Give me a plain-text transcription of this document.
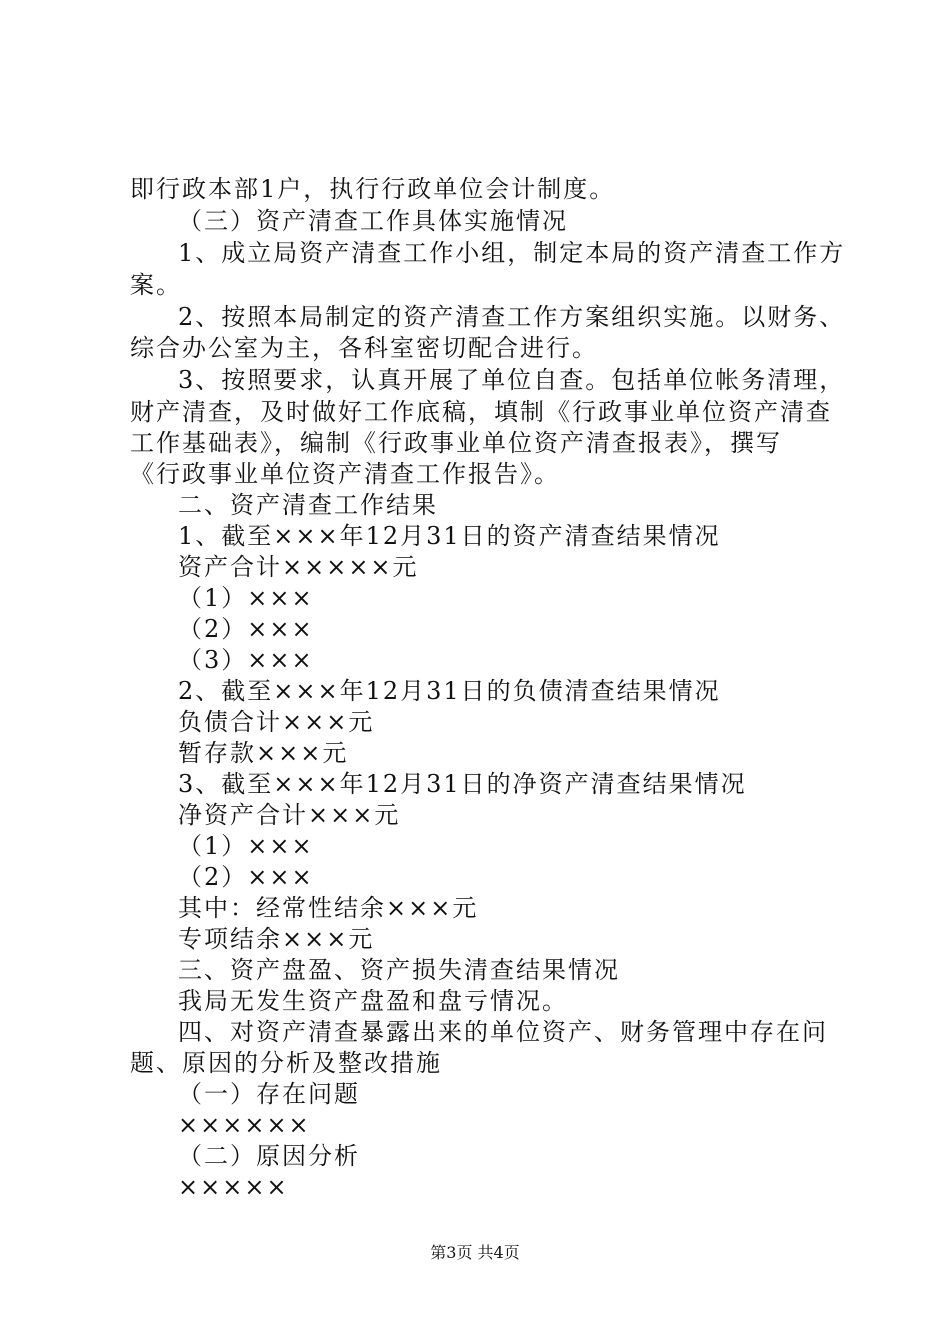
即行政本部1户，执行行政单位会计制度。
（三）资产清查工作具体实施情况
1、成立局资产清查工作小组，制定本局的资产清查工作方
案。
2、按照本局制定的资产清查工作方案组织实施。以财务、
综合办公室为主，各科室密切配合进行。
3、按照要求，认真开展了单位自查。包括单位帐务清理，
财产清查，及时做好工作底稿，填制《行政事业单位资产清查
工作基础表》，编制《行政事业单位资产清查报表》，撰写
《行政事业单位资产清查工作报告》。
二、资产清查工作结果
1、截至×××年12月31日的资产清查结果情况
资产合计×××××元
（1）×××
（2）×××
（3）×××
2、截至×××年12月31日的负债清查结果情况
负债合计×××元
暂存款×××元
3、截至×××年12月31日的净资产清查结果情况
净资产合计×××元
（1）×××
（2）×××
其中：经常性结余×××元
专项结余×××元
三、资产盘盈、资产损失清查结果情况
我局无发生资产盘盈和盘亏情况。
四、对资产清查暴露出来的单位资产、财务管理中存在问
题、原因的分析及整改措施
（一）存在问题
××××××
（二）原因分析
×××××
第3页 共4页
